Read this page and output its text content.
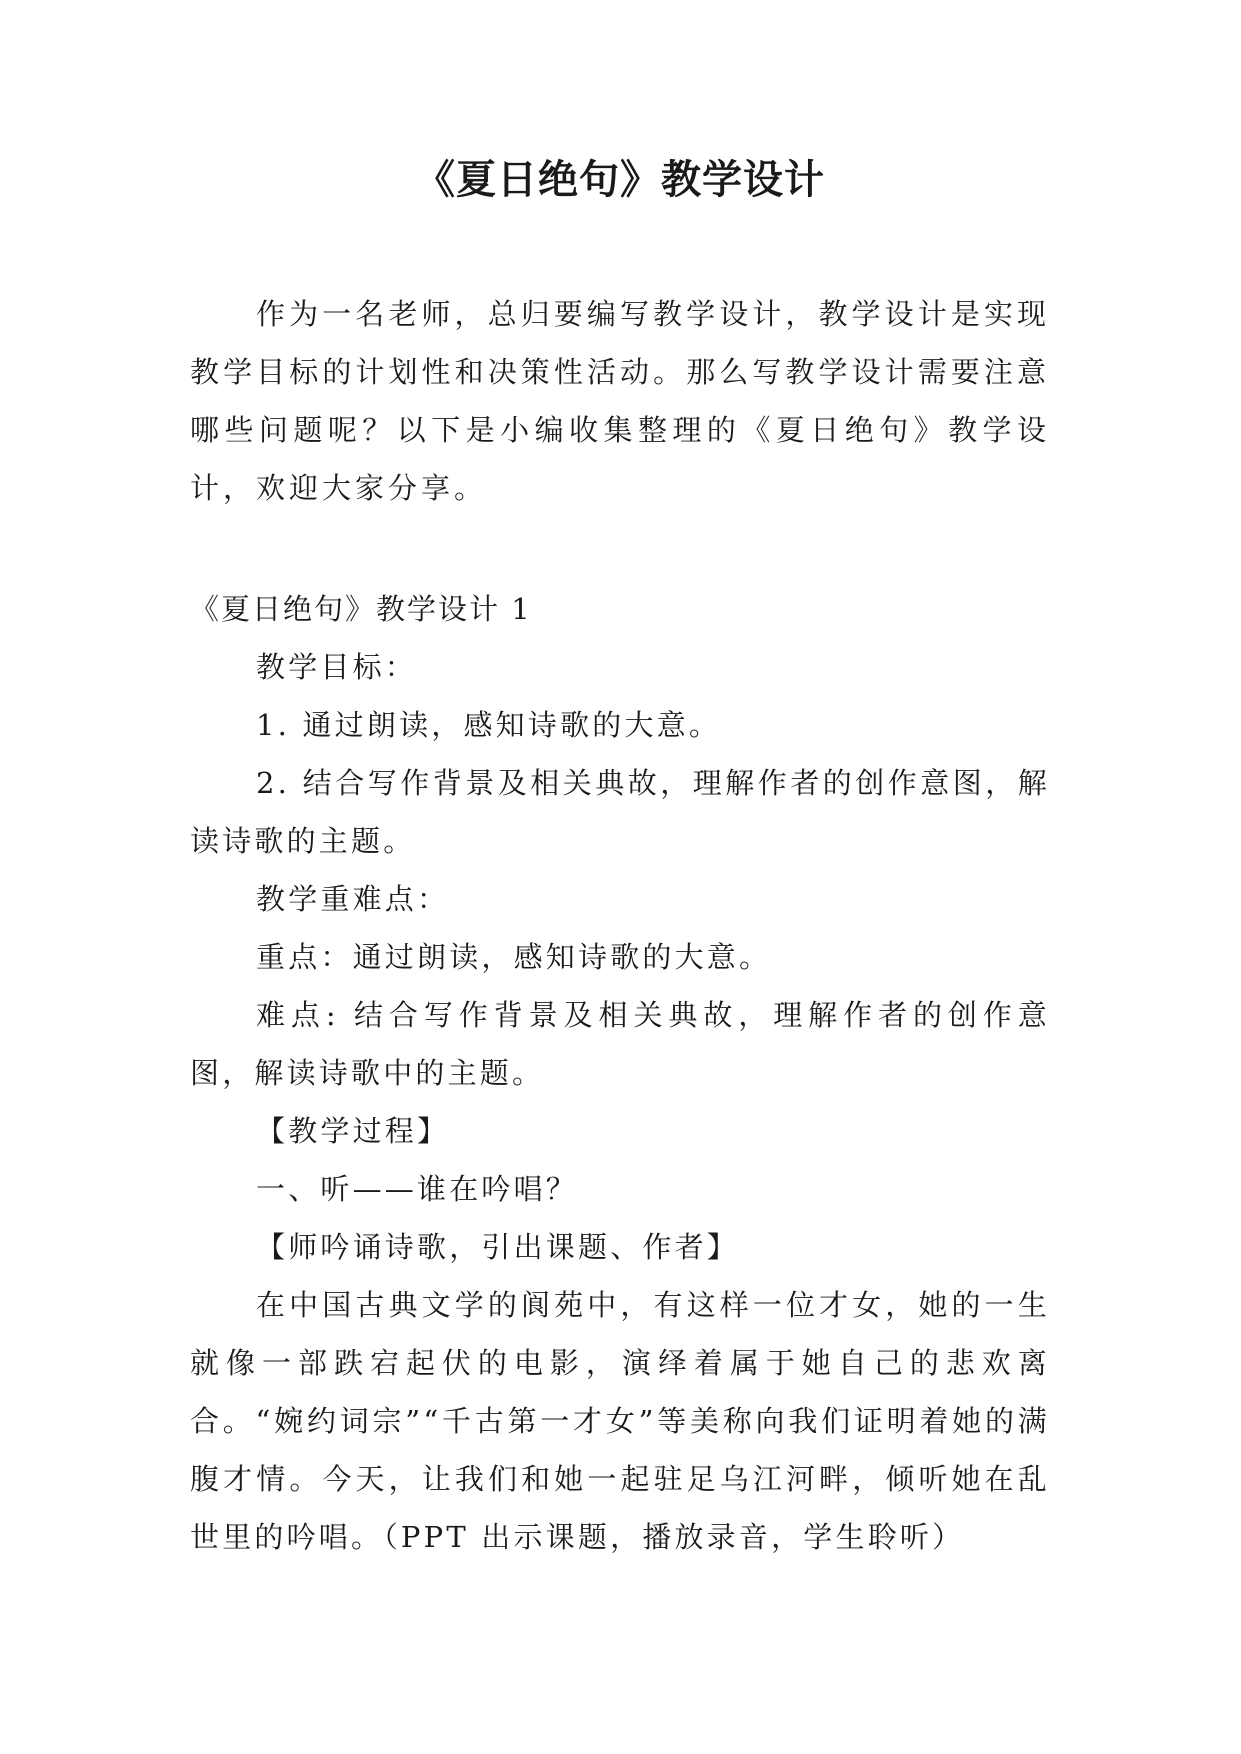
《夏日绝句》教学设计

作为一名老师，总归要编写教学设计，教学设计是实现教学目标的计划性和决策性活动。那么写教学设计需要注意哪些问题呢？以下是小编收集整理的《夏日绝句》教学设计，欢迎大家分享。

《夏日绝句》教学设计 1

教学目标：

1. 通过朗读，感知诗歌的大意。

2. 结合写作背景及相关典故，理解作者的创作意图，解读诗歌的主题。

教学重难点：

重点：通过朗读，感知诗歌的大意。

难点: 结合写作背景及相关典故，理解作者的创作意图，解读诗歌中的主题。

【教学过程】

一、听——谁在吟唱？

【师吟诵诗歌，引出课题、作者】

在中国古典文学的阆苑中，有这样一位才女，她的一生就像一部跌宕起伏的电影，演绎着属于她自己的悲欢离合。“婉约词宗”“千古第一才女”等美称向我们证明着她的满腹才情。今天，让我们和她一起驻足乌江河畔，倾听她在乱世里的吟唱。（PPT 出示课题，播放录音，学生聆听）
